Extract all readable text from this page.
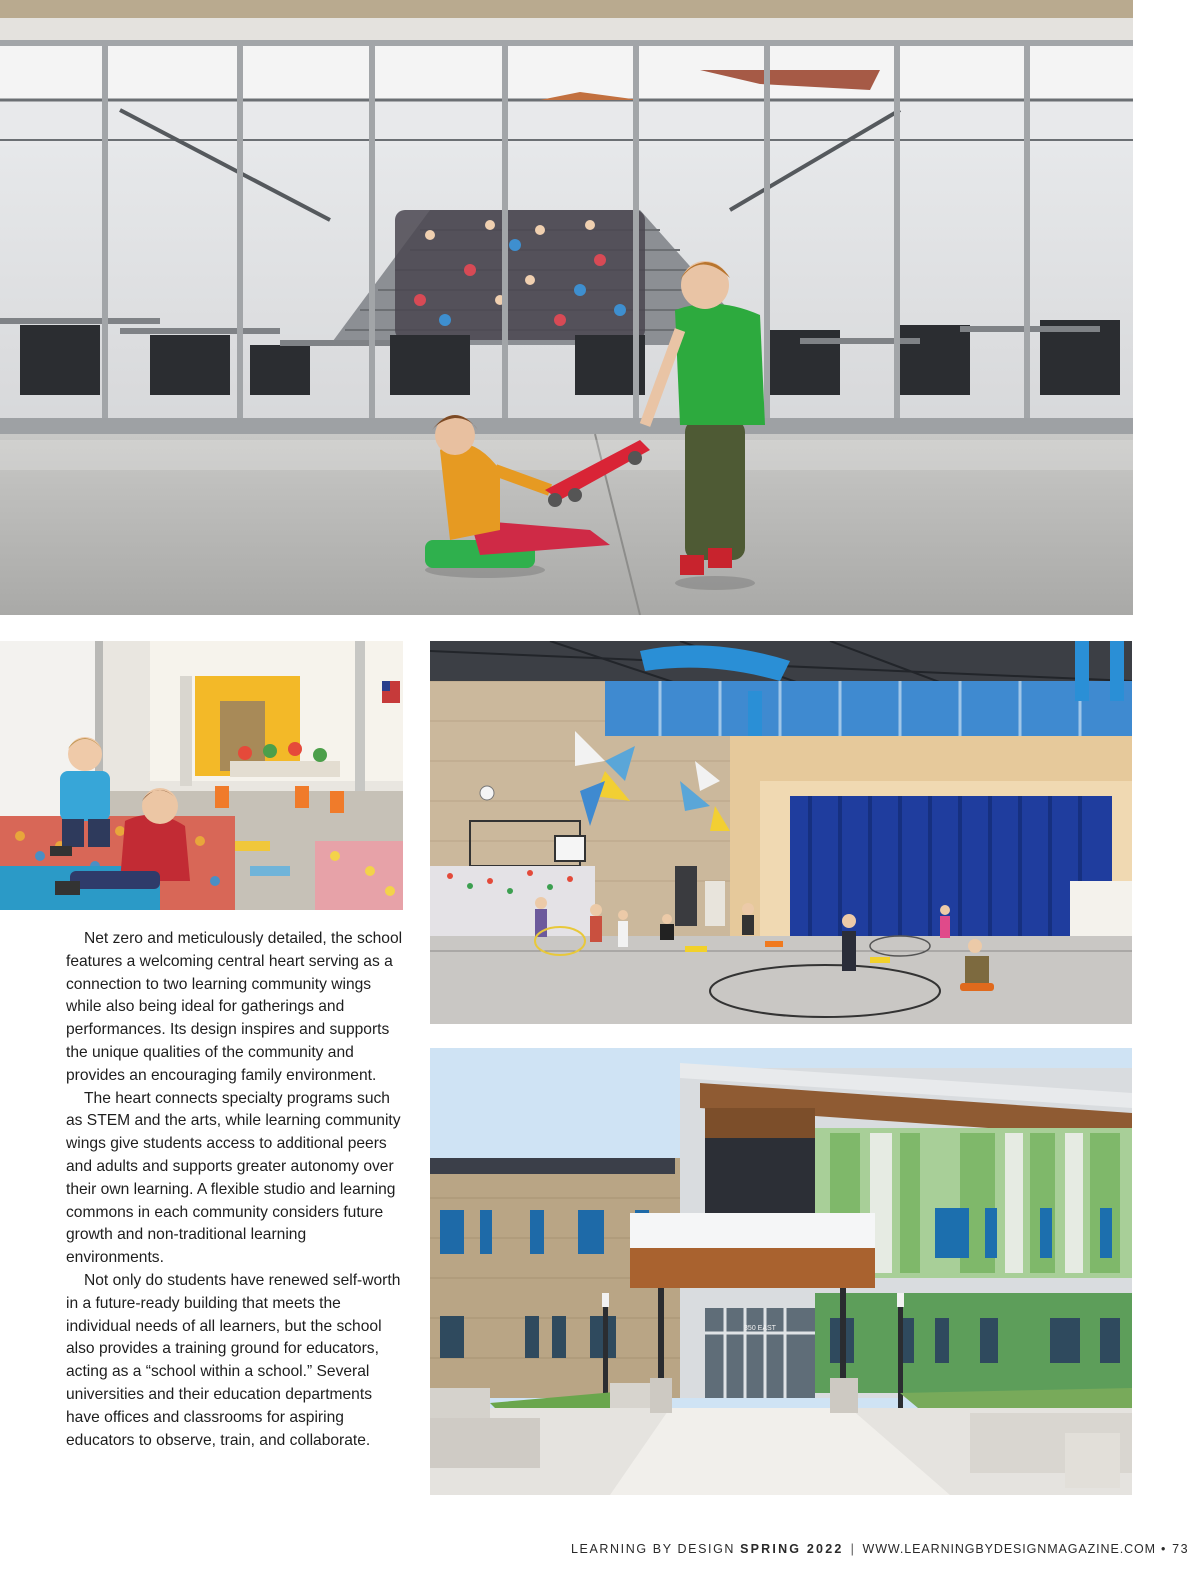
350 EAST

Net zero and meticulously detailed, the school features a welcoming central heart serving as a connection to two learning community wings while also being ideal for gatherings and performances. Its design inspires and supports the unique qualities of the community and provides an encouraging family environment.

The heart connects specialty programs such as STEM and the arts, while learning community wings give students access to additional peers and adults and supports greater autonomy over their own learning. A flexible studio and learning commons in each community considers future growth and non-traditional learning environments.

Not only do students have renewed self-worth in a future-ready building that meets the individual needs of all learners, but the school also provides a training ground for educators, acting as a “school within a school.” Several universities and their education departments have offices and classrooms for aspiring educators to observe, train, and collaborate.

LEARNING BY DESIGN SPRING 2022 | WWW.LEARNINGBYDESIGNMAGAZINE.COM • 73
